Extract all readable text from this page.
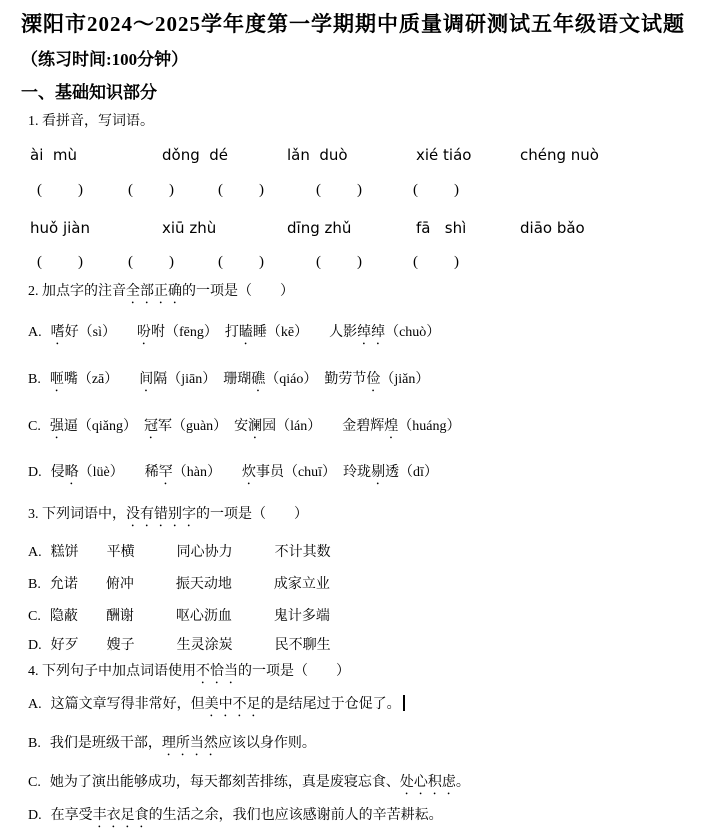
溧阳市2024～2025学年度第一学期期中质量调研测试五年级语文试题
（练习时间:100分钟）
一、基础知识部分
1. 看拼音，写词语。

ài  mù

	dǒng  dé

	lǎn  duò

	xié tiáo

	chéng nuò

( )	( )	( )	( )	( )

huǒ jiàn

	xiū zhù

	dīng zhǔ

	fā   shì

	diāo bǎo

( )	( )	( )	( )	( )
2. 加点字的注音全部正确的一项是（　　）
A. 嗜好（sì）　　吩咐（fēng）　打瞌睡（kē）　　人影绰绰（chuò）
B. 咂嘴（zā）　　间隔（jiān）　珊瑚礁（qiáo）　勤劳节俭（jiǎn）
C. 强逼（qiǎng）　冠军（guàn）　安澜园（lán）　　金碧辉煌（huáng）
D. 侵略（lüè）　　稀罕（hàn）　　炊事员（chuī）　玲珑剔透（dī）
3. 下列词语中，没有错别字的一项是（　　）
A. 糕饼　　平横　　　同心协力　　　不计其数
B. 允诺　　俯冲　　　振天动地　　　成家立业
C. 隐蔽　　酬谢　　　呕心沥血　　　鬼计多端
D. 好歹　　嫂子　　　生灵涂炭　　　民不聊生
4. 下列句子中加点词语使用不恰当的一项是（　　）
A. 这篇文章写得非常好，但美中不足的是结尾过于仓促了。
B. 我们是班级干部，理所当然应该以身作则。
C. 她为了演出能够成功，每天都刻苦排练，真是废寝忘食、处心积虑。
D. 在享受丰衣足食的生活之余，我们也应该感谢前人的辛苦耕耘。
